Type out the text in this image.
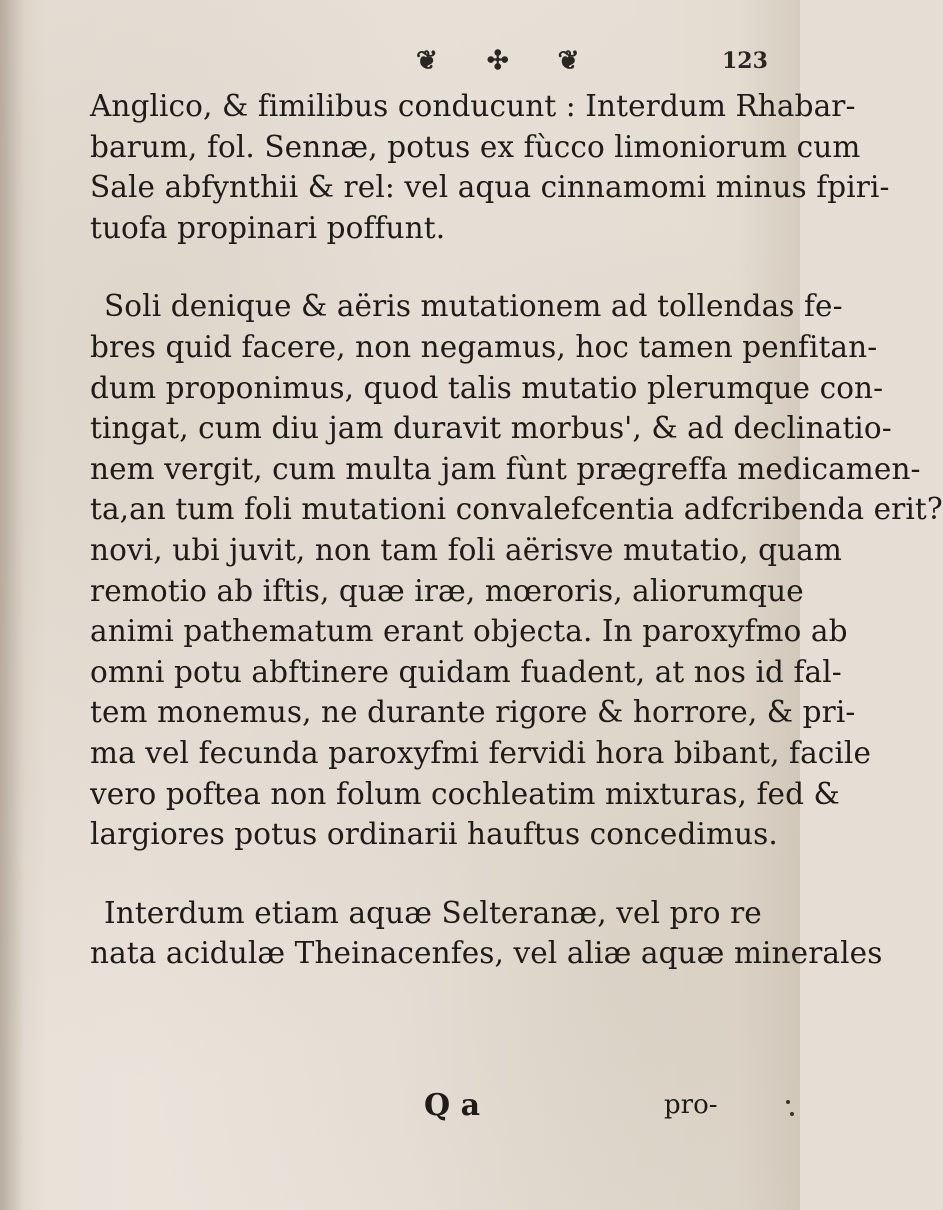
❦ ✣ ❦	123
Anglico, & fimilibus conducunt : Interdum Rhabar-
barum, fol. Sennæ, potus ex fùcco limoniorum cum
Sale abfynthii & rel: vel aqua cinnamomi minus fpiri-
tuofa propinari poffunt.
Soli denique & aëris mutationem ad tollendas fe-
bres quid facere, non negamus, hoc tamen penfitan-
dum proponimus, quod talis mutatio plerumque con-
tingat, cum diu jam duravit morbus', & ad declinatio-
nem vergit, cum multa jam fùnt prægreffa medicamen-
ta,an tum foli mutationi convalefcentia adfcribenda erit?
novi, ubi juvit, non tam foli aërisve mutatio, quam
remotio ab iftis, quæ iræ, mœroris, aliorumque
animi pathematum erant objecta. In paroxyfmo ab
omni potu abftinere quidam fuadent, at nos id fal-
tem monemus, ne durante rigore & horrore, & pri-
ma vel fecunda paroxyfmi fervidi hora bibant, facile
vero poftea non folum cochleatim mixturas, fed &
largiores potus ordinarii hauftus concedimus.
Interdum etiam aquæ Selteranæ, vel pro re
nata acidulæ Theinacenfes, vel aliæ aquæ minerales
Q a	pro-
